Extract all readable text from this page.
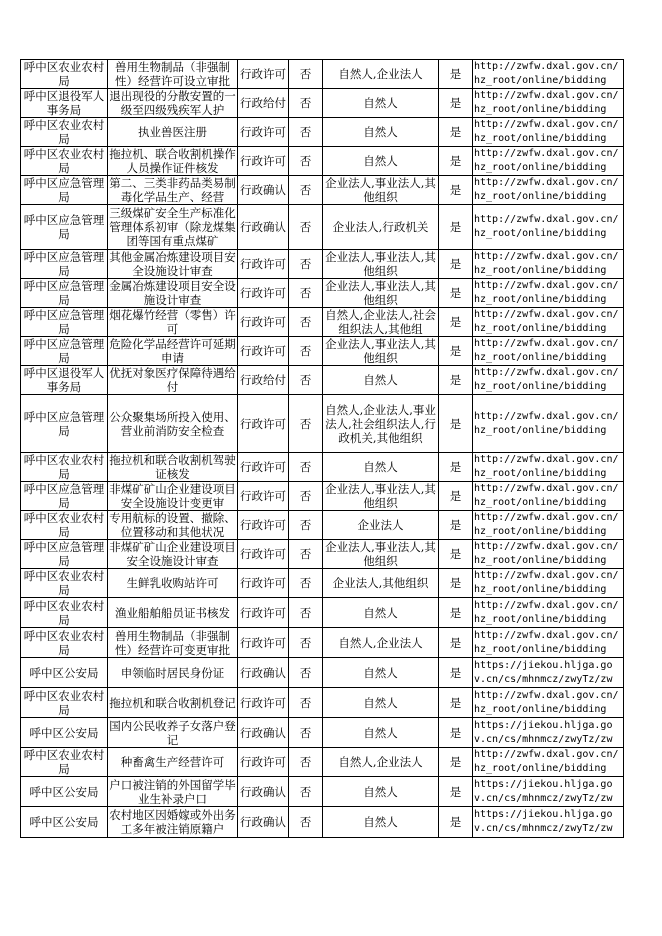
呼中区农业农村局	兽用生物制品（非强制性）经营许可设立审批	行政许可	否	自然人,企业法人	是	http://zwfw.dxal.gov.cn/hz_root/online/bidding

呼中区退役军人事务局	退出现役的分散安置的一级至四级残疾军人护	行政给付	否	自然人	是	http://zwfw.dxal.gov.cn/hz_root/online/bidding

呼中区农业农村局	执业兽医注册	行政许可	否	自然人	是	http://zwfw.dxal.gov.cn/hz_root/online/bidding

呼中区农业农村局	拖拉机、联合收割机操作人员操作证件核发	行政许可	否	自然人	是	http://zwfw.dxal.gov.cn/hz_root/online/bidding

呼中区应急管理局	第二、三类非药品类易制毒化学品生产、经营	行政确认	否	企业法人,事业法人,其他组织	是	http://zwfw.dxal.gov.cn/hz_root/online/bidding

呼中区应急管理局	三级煤矿安全生产标准化管理体系初审（除龙煤集团等国有重点煤矿	行政确认	否	企业法人,行政机关	是	http://zwfw.dxal.gov.cn/hz_root/online/bidding

呼中区应急管理局	其他金属冶炼建设项目安全设施设计审查	行政许可	否	企业法人,事业法人,其他组织	是	http://zwfw.dxal.gov.cn/hz_root/online/bidding

呼中区应急管理局	金属冶炼建设项目安全设施设计审查	行政许可	否	企业法人,事业法人,其他组织	是	http://zwfw.dxal.gov.cn/hz_root/online/bidding

呼中区应急管理局	烟花爆竹经营（零售）许可	行政许可	否	自然人,企业法人,社会组织法人,其他组	是	http://zwfw.dxal.gov.cn/hz_root/online/bidding

呼中区应急管理局	危险化学品经营许可延期申请	行政许可	否	企业法人,事业法人,其他组织	是	http://zwfw.dxal.gov.cn/hz_root/online/bidding

呼中区退役军人事务局	优抚对象医疗保障待遇给付	行政给付	否	自然人	是	http://zwfw.dxal.gov.cn/hz_root/online/bidding

呼中区应急管理局	公众聚集场所投入使用、营业前消防安全检查	行政许可	否	自然人,企业法人,事业法人,社会组织法人,行政机关,其他组织	是	http://zwfw.dxal.gov.cn/hz_root/online/bidding

呼中区农业农村局	拖拉机和联合收割机驾驶证核发	行政许可	否	自然人	是	http://zwfw.dxal.gov.cn/hz_root/online/bidding

呼中区应急管理局	非煤矿矿山企业建设项目安全设施设计变更审	行政许可	否	企业法人,事业法人,其他组织	是	http://zwfw.dxal.gov.cn/hz_root/online/bidding

呼中区农业农村局	专用航标的设置、撤除、位置移动和其他状况	行政许可	否	企业法人	是	http://zwfw.dxal.gov.cn/hz_root/online/bidding

呼中区应急管理局	非煤矿矿山企业建设项目安全设施设计审查	行政许可	否	企业法人,事业法人,其他组织	是	http://zwfw.dxal.gov.cn/hz_root/online/bidding

呼中区农业农村局	生鲜乳收购站许可	行政许可	否	企业法人,其他组织	是	http://zwfw.dxal.gov.cn/hz_root/online/bidding

呼中区农业农村局	渔业船舶船员证书核发	行政许可	否	自然人	是	http://zwfw.dxal.gov.cn/hz_root/online/bidding

呼中区农业农村局	兽用生物制品（非强制性）经营许可变更审批	行政许可	否	自然人,企业法人	是	http://zwfw.dxal.gov.cn/hz_root/online/bidding

呼中区公安局	申领临时居民身份证	行政确认	否	自然人	是	https://jiekou.hljga.gov.cn/cs/mhnmcz/zwyTz/zw

呼中区农业农村局	拖拉机和联合收割机登记	行政许可	否	自然人	是	http://zwfw.dxal.gov.cn/hz_root/online/bidding

呼中区公安局	国内公民收养子女落户登记	行政确认	否	自然人	是	https://jiekou.hljga.gov.cn/cs/mhnmcz/zwyTz/zw

呼中区农业农村局	种畜禽生产经营许可	行政许可	否	自然人,企业法人	是	http://zwfw.dxal.gov.cn/hz_root/online/bidding

呼中区公安局	户口被注销的外国留学毕业生补录户口	行政确认	否	自然人	是	https://jiekou.hljga.gov.cn/cs/mhnmcz/zwyTz/zw

呼中区公安局	农村地区因婚嫁或外出务工多年被注销原籍户	行政确认	否	自然人	是	https://jiekou.hljga.gov.cn/cs/mhnmcz/zwyTz/zw
